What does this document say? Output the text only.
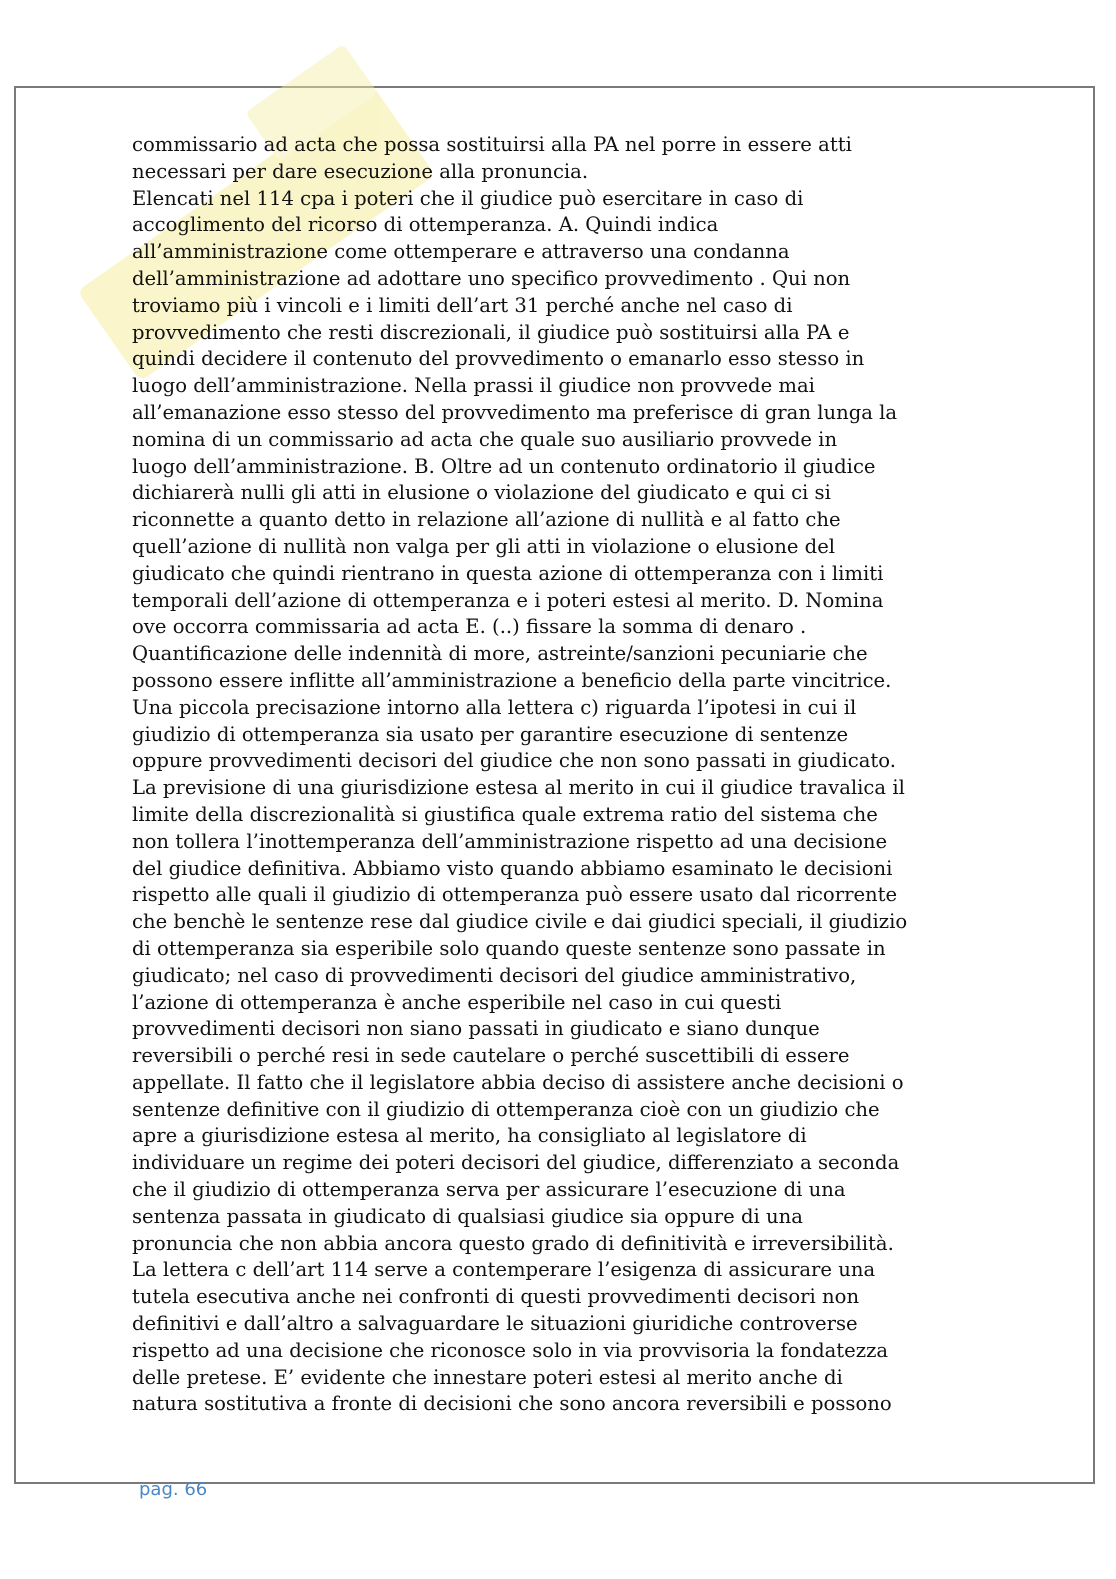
commissario ad acta che possa sostituirsi alla PA nel porre in essere atti
necessari per dare esecuzione alla pronuncia.
Elencati nel 114 cpa i poteri che il giudice può esercitare in caso di
accoglimento del ricorso di ottemperanza. A. Quindi indica
all’amministrazione come ottemperare e attraverso una condanna
dell’amministrazione ad adottare uno specifico provvedimento . Qui non
troviamo più i vincoli e i limiti dell’art 31 perché anche nel caso di
provvedimento che resti discrezionali, il giudice può sostituirsi alla PA e
quindi decidere il contenuto del provvedimento o emanarlo esso stesso in
luogo dell’amministrazione. Nella prassi il giudice non provvede mai
all’emanazione esso stesso del provvedimento ma preferisce di gran lunga la
nomina di un commissario ad acta che quale suo ausiliario provvede in
luogo dell’amministrazione. B. Oltre ad un contenuto ordinatorio il giudice
dichiarerà nulli gli atti in elusione o violazione del giudicato e qui ci si
riconnette a quanto detto in relazione all’azione di nullità e al fatto che
quell’azione di nullità non valga per gli atti in violazione o elusione del
giudicato che quindi rientrano in questa azione di ottemperanza con i limiti
temporali dell’azione di ottemperanza e i poteri estesi al merito. D. Nomina
ove occorra commissaria ad acta E. (..) fissare la somma di denaro .
Quantificazione delle indennità di more, astreinte/sanzioni pecuniarie che
possono essere inflitte all’amministrazione a beneficio della parte vincitrice.
Una piccola precisazione intorno alla lettera c) riguarda l’ipotesi in cui il
giudizio di ottemperanza sia usato per garantire esecuzione di sentenze
oppure provvedimenti decisori del giudice che non sono passati in giudicato.
La previsione di una giurisdizione estesa al merito in cui il giudice travalica il
limite della discrezionalità si giustifica quale extrema ratio del sistema che
non tollera l’inottemperanza dell’amministrazione rispetto ad una decisione
del giudice definitiva. Abbiamo visto quando abbiamo esaminato le decisioni
rispetto alle quali il giudizio di ottemperanza può essere usato dal ricorrente
che benchè le sentenze rese dal giudice civile e dai giudici speciali, il giudizio
di ottemperanza sia esperibile solo quando queste sentenze sono passate in
giudicato; nel caso di provvedimenti decisori del giudice amministrativo,
l’azione di ottemperanza è anche esperibile nel caso in cui questi
provvedimenti decisori non siano passati in giudicato e siano dunque
reversibili o perché resi in sede cautelare o perché suscettibili di essere
appellate. Il fatto che il legislatore abbia deciso di assistere anche decisioni o
sentenze definitive con il giudizio di ottemperanza cioè con un giudizio che
apre a giurisdizione estesa al merito, ha consigliato al legislatore di
individuare un regime dei poteri decisori del giudice, differenziato a seconda
che il giudizio di ottemperanza serva per assicurare l’esecuzione di una
sentenza passata in giudicato di qualsiasi giudice sia oppure di una
pronuncia che non abbia ancora questo grado di definitività e irreversibilità.
La lettera c dell’art 114 serve a contemperare l’esigenza di assicurare una
tutela esecutiva anche nei confronti di questi provvedimenti decisori non
definitivi e dall’altro a salvaguardare le situazioni giuridiche controverse
rispetto ad una decisione che riconosce solo in via provvisoria la fondatezza
delle pretese. E’ evidente che innestare poteri estesi al merito anche di
natura sostitutiva a fronte di decisioni che sono ancora reversibili e possono
pag. 66
